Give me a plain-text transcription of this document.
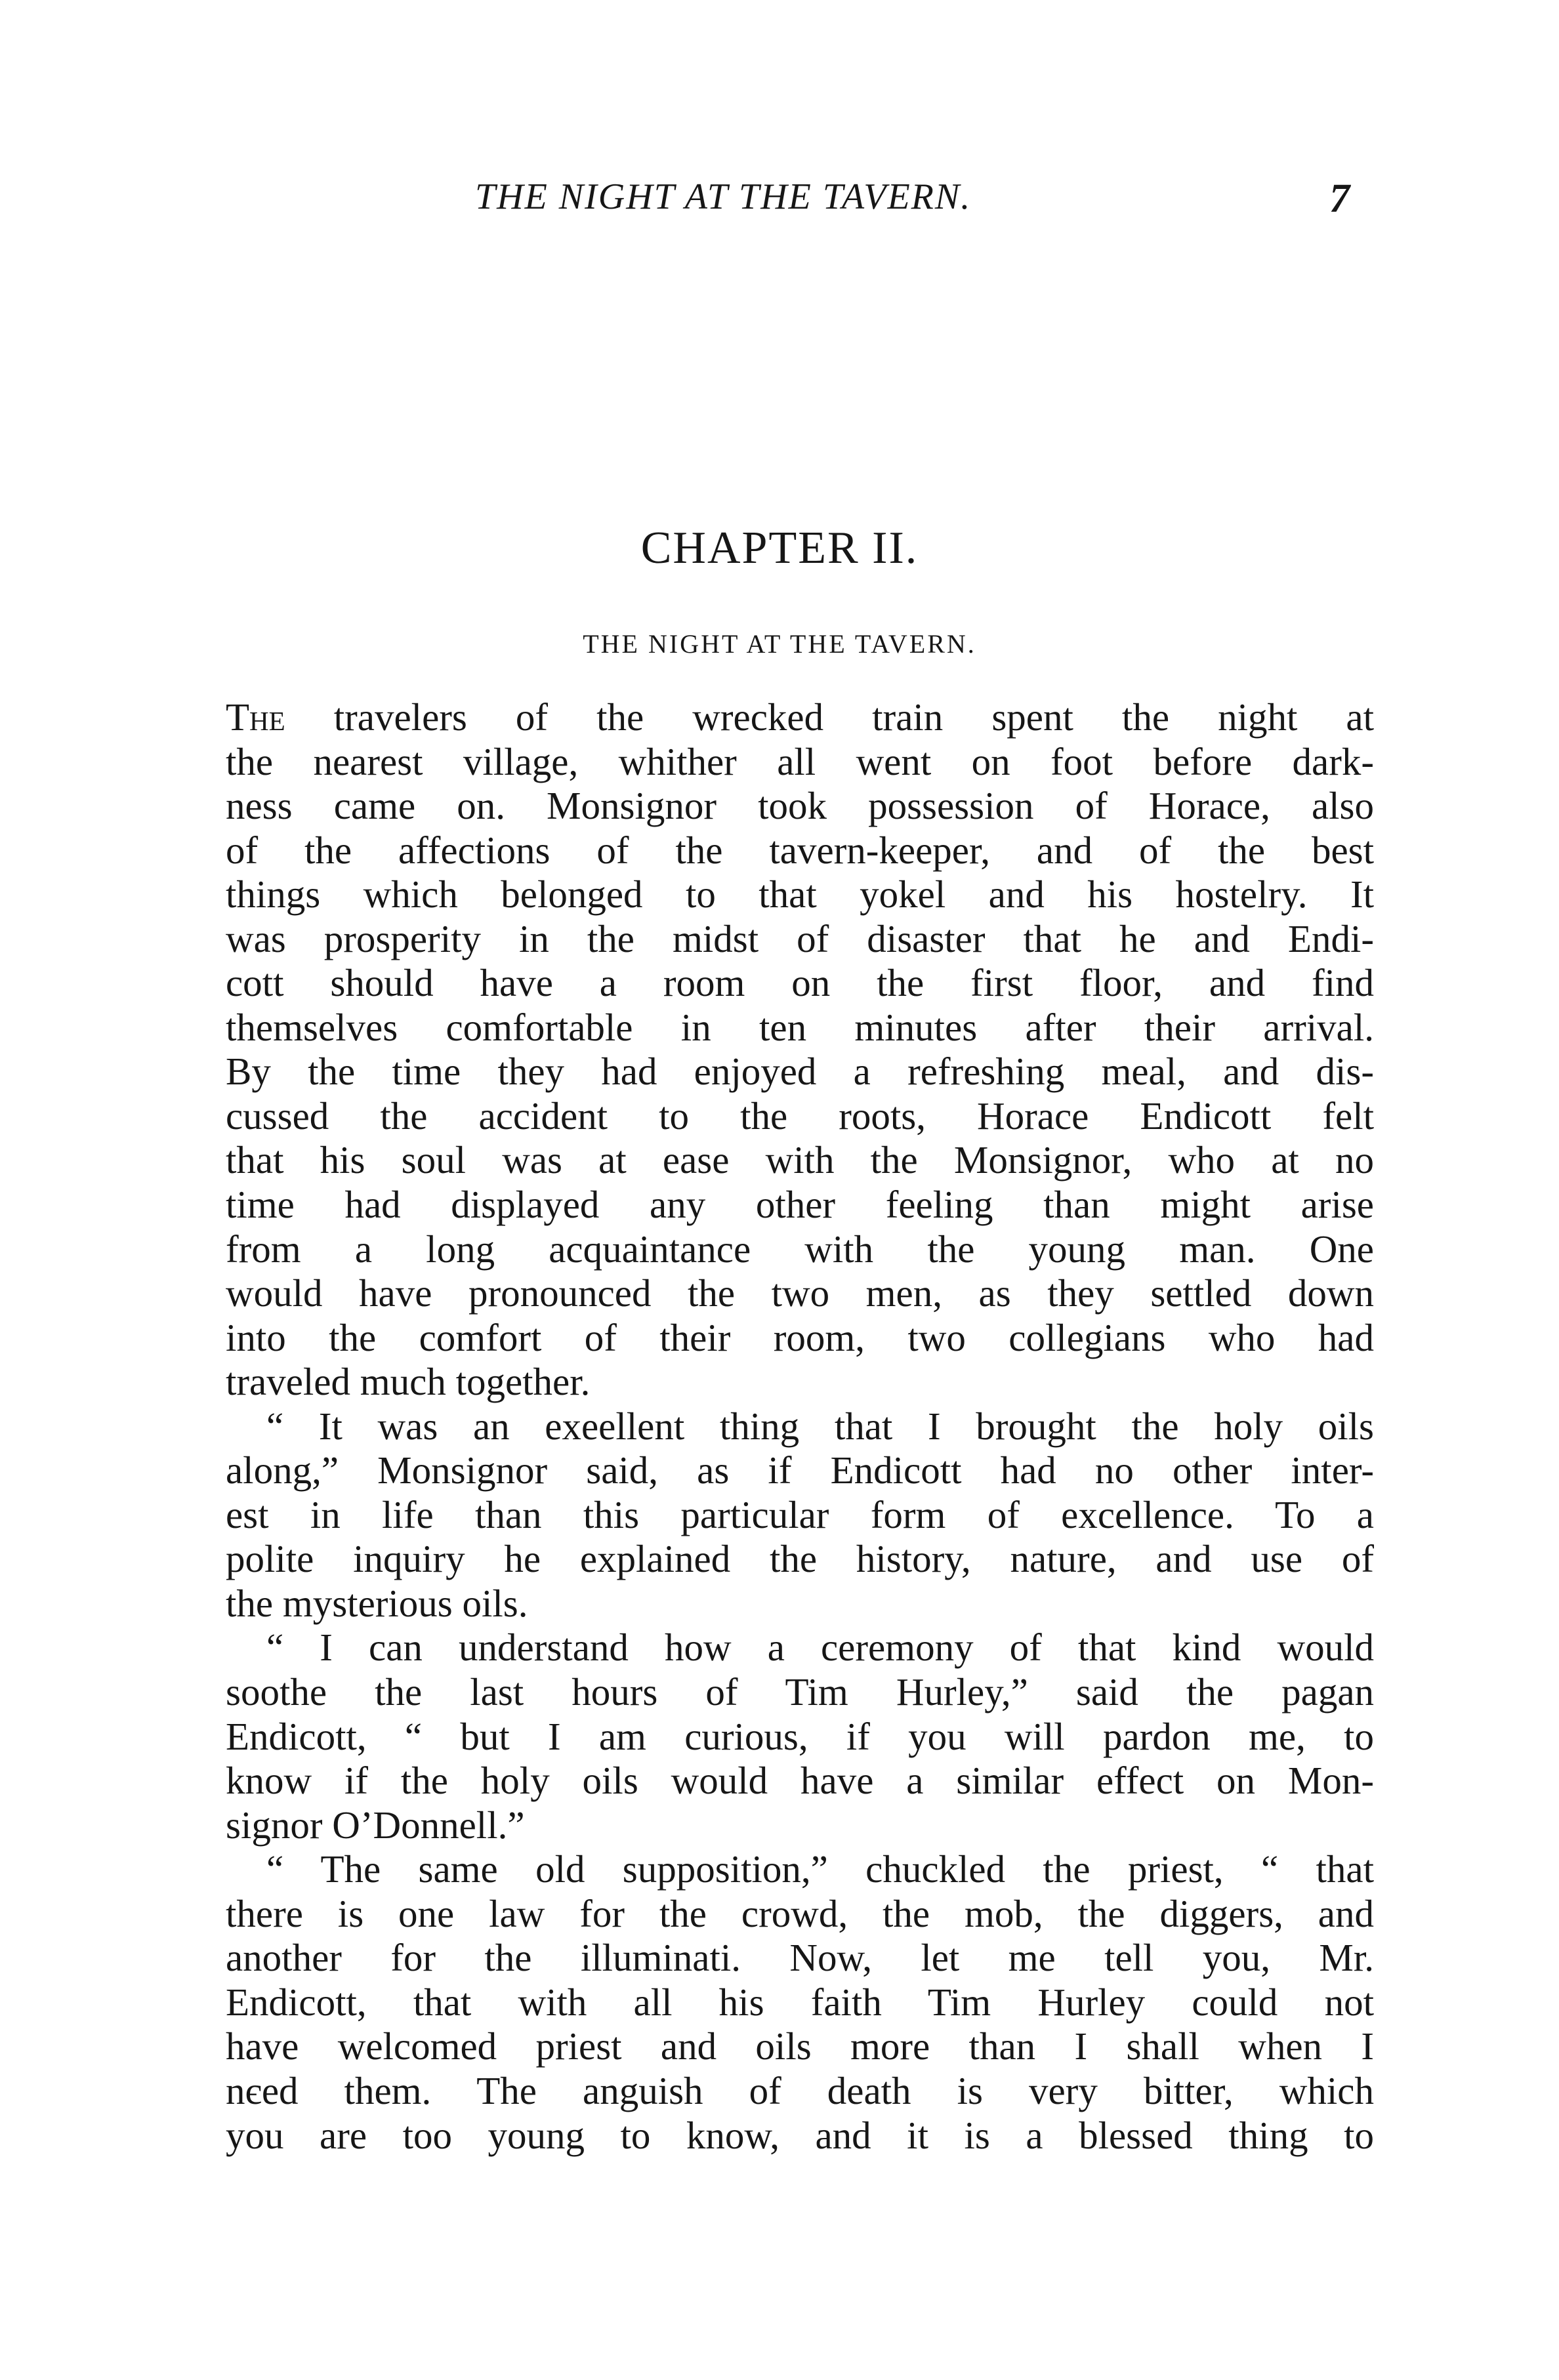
THE NIGHT AT THE TAVERN.	7
CHAPTER II.
THE NIGHT AT THE TAVERN.
The travelers of the wrecked train spent the night at
the nearest village, whither all went on foot before dark-
ness came on. Monsignor took possession of Horace, also
of the affections of the tavern-keeper, and of the best
things which belonged to that yokel and his hostelry. It
was prosperity in the midst of disaster that he and Endi-
cott should have a room on the first floor, and find
themselves comfortable in ten minutes after their arrival.
By the time they had enjoyed a refreshing meal, and dis-
cussed the accident to the roots, Horace Endicott felt
that his soul was at ease with the Monsignor, who at no
time had displayed any other feeling than might arise
from a long acquaintance with the young man. One
would have pronounced the two men, as they settled down
into the comfort of their room, two collegians who had
traveled much together.
“ It was an exeellent thing that I brought the holy oils
along,” Monsignor said, as if Endicott had no other inter-
est in life than this particular form of excellence. To a
polite inquiry he explained the history, nature, and use of
the mysterious oils.
“ I can understand how a ceremony of that kind would
soothe the last hours of Tim Hurley,” said the pagan
Endicott, “ but I am curious, if you will pardon me, to
know if the holy oils would have a similar effect on Mon-
signor O’Donnell.”
“ The same old supposition,” chuckled the priest, “ that
there is one law for the crowd, the mob, the diggers, and
another for the illuminati. Now, let me tell you, Mr.
Endicott, that with all his faith Tim Hurley could not
have welcomed priest and oils more than I shall when I
nєed them. The anguish of death is very bitter, which
you are too young to know, and it is a blessed thing to
